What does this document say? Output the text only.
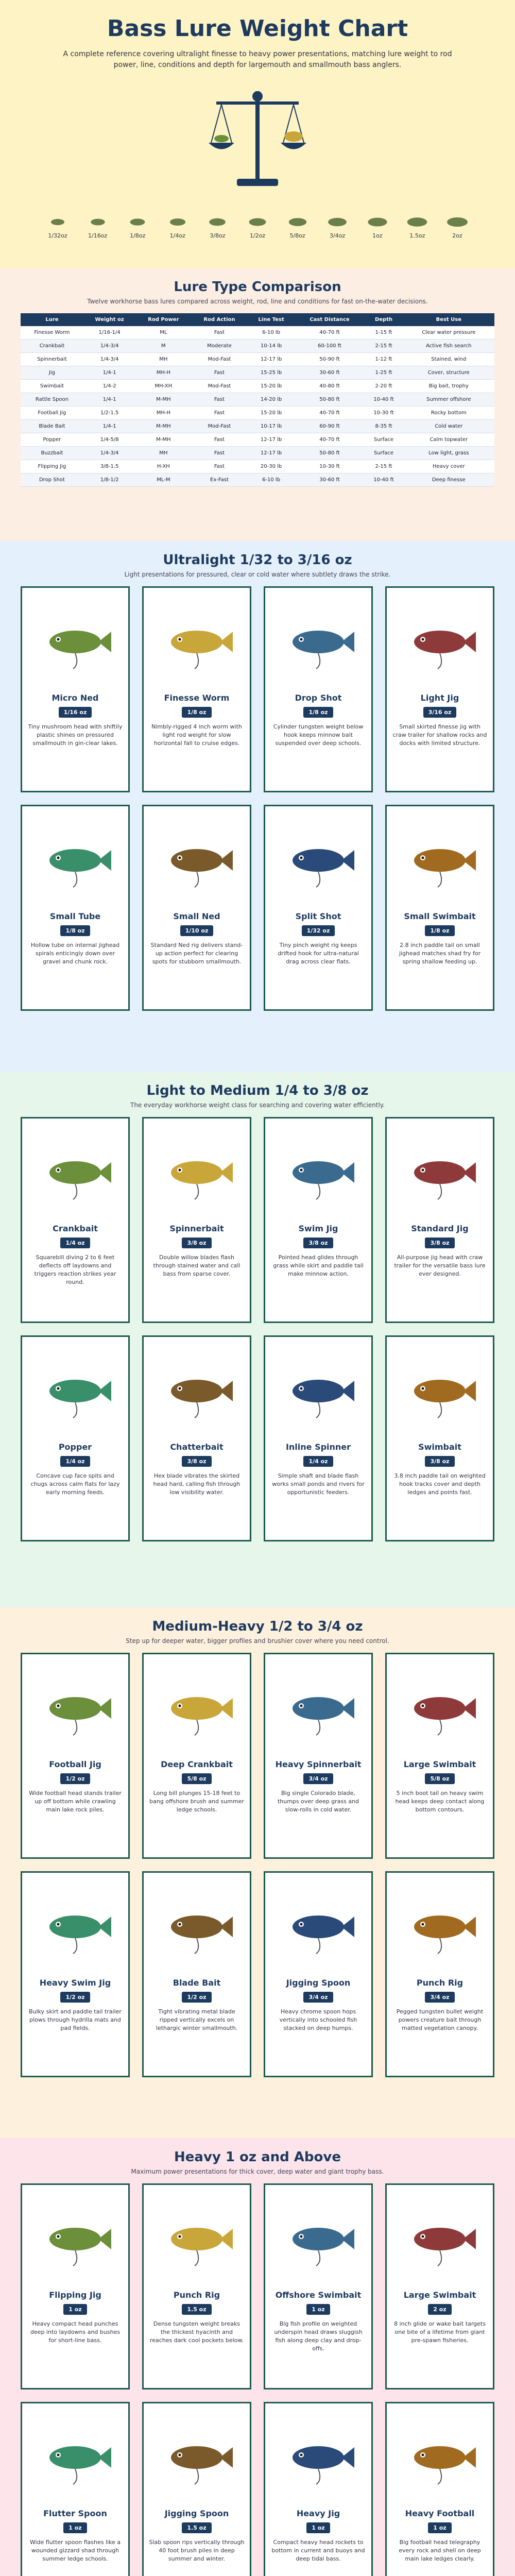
Bass Lure Weight Chart

A complete reference covering ultralight finesse to heavy power presentations, matching lure weight to rod power, line, conditions and depth for largemouth and smallmouth bass anglers.

1/32oz	1/16oz	1/8oz	1/4oz	3/8oz	1/2oz	5/8oz	3/4oz	1oz	1.5oz	2oz
Lure Type Comparison
Twelve workhorse bass lures compared across weight, rod, line and conditions for fast on-the-water decisions.
Lure	Weight oz	Rod Power	Rod Action	Line Test	Cast Distance	Depth	Best Use
Finesse Worm	1/16-1/4	ML	Fast	6-10 lb	40-70 ft	1-15 ft	Clear water pressure
Crankbait	1/4-3/4	M	Moderate	10-14 lb	60-100 ft	2-15 ft	Active fish search
Spinnerbait	1/4-3/4	MH	Mod-Fast	12-17 lb	50-90 ft	1-12 ft	Stained, wind
Jig	1/4-1	MH-H	Fast	15-25 lb	30-60 ft	1-25 ft	Cover, structure
Swimbait	1/4-2	MH-XH	Mod-Fast	15-20 lb	40-80 ft	2-20 ft	Big bait, trophy
Rattle Spoon	1/4-1	M-MH	Fast	14-20 lb	50-80 ft	10-40 ft	Summer offshore
Football Jig	1/2-1.5	MH-H	Fast	15-20 lb	40-70 ft	10-30 ft	Rocky bottom
Blade Bait	1/4-1	M-MH	Mod-Fast	10-17 lb	60-90 ft	8-35 ft	Cold water
Popper	1/4-5/8	M-MH	Fast	12-17 lb	40-70 ft	Surface	Calm topwater
Buzzbait	1/4-3/4	MH	Fast	12-17 lb	50-80 ft	Surface	Low light, grass
Flipping Jig	3/8-1.5	H-XH	Fast	20-30 lb	10-30 ft	2-15 ft	Heavy cover
Drop Shot	1/8-1/2	ML-M	Ex-Fast	6-10 lb	30-60 ft	10-40 ft	Deep finesse
Ultralight 1/32 to 3/16 oz
Light presentations for pressured, clear or cold water where subtlety draws the strike.
Micro Ned
1/16 oz
Tiny mushroom head with shiftily plastic shines on pressured smallmouth in gin-clear lakes.
Finesse Worm
1/8 oz
Nimbly-rigged 4 inch worm with light rod weight for slow horizontal fall to cruise edges.
Drop Shot
1/8 oz
Cylinder tungsten weight below hook keeps minnow bait suspended over deep schools.
Light Jig
3/16 oz
Small skirted finesse jig with craw trailer for shallow rocks and docks with limited structure.
Small Tube
1/8 oz
Hollow tube on internal jighead spirals enticingly down over gravel and chunk rock.
Small Ned
1/10 oz
Standard Ned rig delivers stand-up action perfect for clearing spots for stubborn smallmouth.
Split Shot
1/32 oz
Tiny pinch weight rig keeps drifted hook for ultra-natural drag across clear flats.
Small Swimbait
1/8 oz
2.8 inch paddle tail on small jighead matches shad fry for spring shallow feeding up.
Light to Medium 1/4 to 3/8 oz
The everyday workhorse weight class for searching and covering water efficiently.
Crankbait
1/4 oz
Squarebill diving 2 to 6 feet deflects off laydowns and triggers reaction strikes year round.
Spinnerbait
3/8 oz
Double willow blades flash through stained water and call bass from sparse cover.
Swim Jig
3/8 oz
Pointed head glides through grass while skirt and paddle tail make minnow action.
Standard Jig
3/8 oz
All-purpose jig head with craw trailer for the versatile bass lure ever designed.
Popper
1/4 oz
Concave cup face spits and chugs across calm flats for lazy early morning feeds.
Chatterbait
3/8 oz
Hex blade vibrates the skirted head hard, calling fish through low visibility water.
Inline Spinner
1/4 oz
Simple shaft and blade flash works small ponds and rivers for opportunistic feeders.
Swimbait
3/8 oz
3.8 inch paddle tail on weighted hook tracks cover and depth ledges and points fast.
Medium-Heavy 1/2 to 3/4 oz
Step up for deeper water, bigger profiles and brushier cover where you need control.
Football Jig
1/2 oz
Wide football head stands trailer up off bottom while crawling main lake rock piles.
Deep Crankbait
5/8 oz
Long bill plunges 15-18 feet to bang offshore brush and summer ledge schools.
Heavy Spinnerbait
3/4 oz
Big single Colorado blade, thumps over deep grass and slow-rolls in cold water.
Large Swimbait
5/8 oz
5 inch boot tail on heavy swim head keeps deep contact along bottom contours.
Heavy Swim Jig
1/2 oz
Bulky skirt and paddle tail trailer plows through hydrilla mats and pad fields.
Blade Bait
1/2 oz
Tight vibrating metal blade ripped vertically excels on lethargic winter smallmouth.
Jigging Spoon
3/4 oz
Heavy chrome spoon hops vertically into schooled fish stacked on deep humps.
Punch Rig
3/4 oz
Pegged tungsten bullet weight powers creature bait through matted vegetation canopy.
Heavy 1 oz and Above
Maximum power presentations for thick cover, deep water and giant trophy bass.
Flipping Jig
1 oz
Heavy compact head punches deep into laydowns and bushes for short-line bass.
Punch Rig
1.5 oz
Dense tungsten weight breaks the thickest hyacinth and reaches dark cool pockets below.
Offshore Swimbait
1 oz
Big fish profile on weighted underspin head draws sluggish fish along deep clay and drop-offs.
Large Swimbait
2 oz
8 inch glide or wake bait targets one bite of a lifetime from giant pre-spawn fisheries.
Flutter Spoon
1 oz
Wide flutter spoon flashes like a wounded gizzard shad through summer ledge schools.
Jigging Spoon
1.5 oz
Slab spoon rips vertically through 40 foot brush piles in deep summer and winter.
Heavy Jig
1 oz
Compact heavy head rockets to bottom in current and buoys and deep tidal bass.
Heavy Football
1 oz
Big football head telegraphy every rock and shell on deep main lake ledges clearly.
